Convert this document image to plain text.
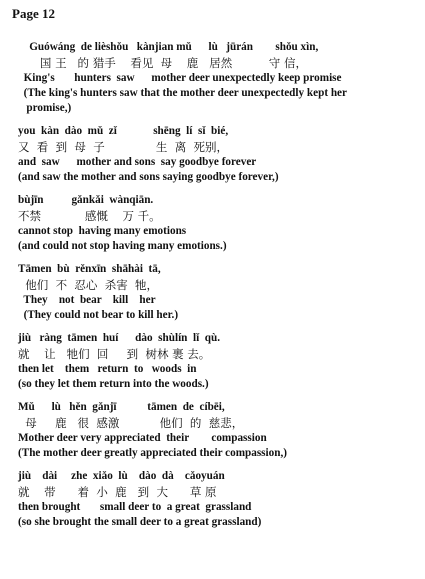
Page 12
Guówáng  de lièshǒu   kànjian mǔ      lù   jūrán        shǒu xìn,
国 王   的 猎手    看见  母    鹿   居然          守 信，
King's       hunters  saw      mother deer unexpectedly keep promise
(The king's hunters saw that the mother deer unexpectedly kept her
promise,)
you  kàn  dào  mǔ  zǐ             shēng  lí  sǐ  bié,
又  看  到  母  子              生  离  死别，
and  saw      mother and sons  say goodbye forever
(and saw the mother and sons saying goodbye forever,)
bùjīn          gǎnkǎi  wànqiān.
不禁            感慨    万 千。
cannot stop  having many emotions
(and could not stop having many emotions.)
Tāmen  bù  rěnxīn  shāhài  tā,
他们  不  忍心  杀害  牠，
They    not  bear    kill    her
(They could not bear to kill her.)
jiù   ràng  tāmen  huí      dào  shùlín  lǐ  qù.
就    让   牠们  回     到  树林 裹 去。
then let    them   return  to   woods  in
(so they let them return into the woods.)
Mǔ      lù   hěn  gǎnjī           tāmen  de  cíbēi,
母     鹿   很  感激           他们  的  慈悲，
Mother deer very appreciated  their        compassion
(The mother deer greatly appreciated their compassion,)
jiù    dài     zhe  xiǎo  lù    dào  dà    cǎoyuán
就    带      着  小  鹿   到  大      草 原
then brought       small deer to  a great  grassland
(so she brought the small deer to a great grassland)
